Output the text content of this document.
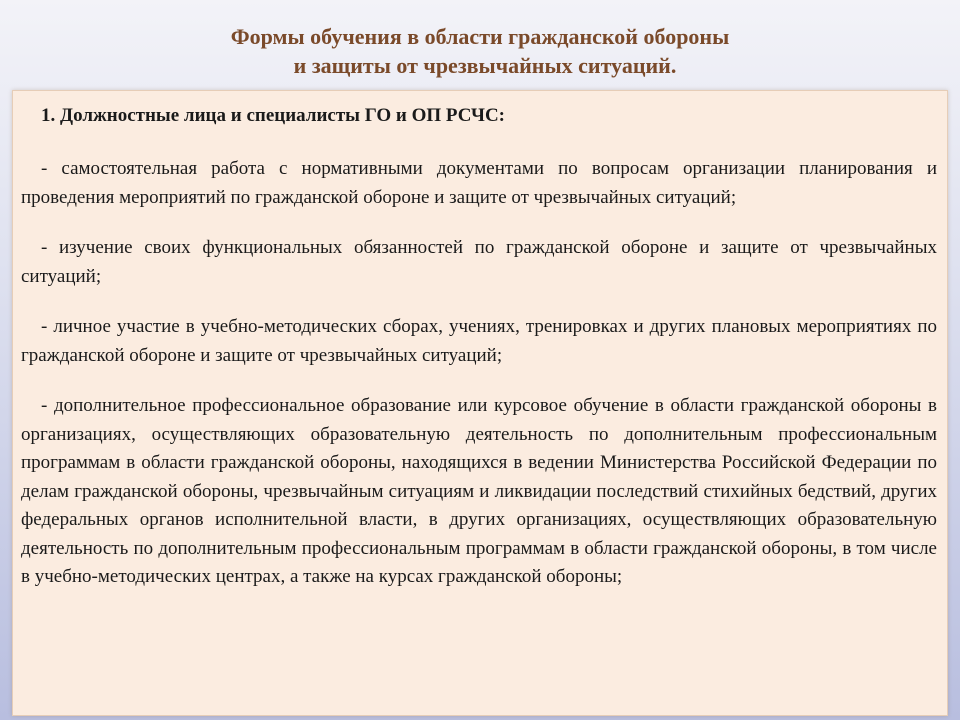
Формы обучения в области гражданской обороны
и защиты от чрезвычайных ситуаций.
1. Должностные лица и специалисты ГО и ОП РСЧС:
- самостоятельная работа с нормативными документами по вопросам организации планирования и проведения мероприятий по гражданской обороне и защите от чрезвычайных ситуаций;
- изучение своих функциональных обязанностей по гражданской обороне и защите от чрезвычайных ситуаций;
- личное участие в учебно-методических сборах, учениях, тренировках и других плановых мероприятиях по гражданской обороне и защите от чрезвычайных ситуаций;
- дополнительное профессиональное образование или курсовое обучение в области гражданской обороны в организациях, осуществляющих образовательную деятельность по дополнительным профессиональным программам в области гражданской обороны, находящихся в ведении Министерства Российской Федерации по делам гражданской обороны, чрезвычайным ситуациям и ликвидации последствий стихийных бедствий, других федеральных органов исполнительной власти, в других организациях, осуществляющих образовательную деятельность по дополнительным профессиональным программам в области гражданской обороны, в том числе в учебно-методических центрах, а также на курсах гражданской обороны;
